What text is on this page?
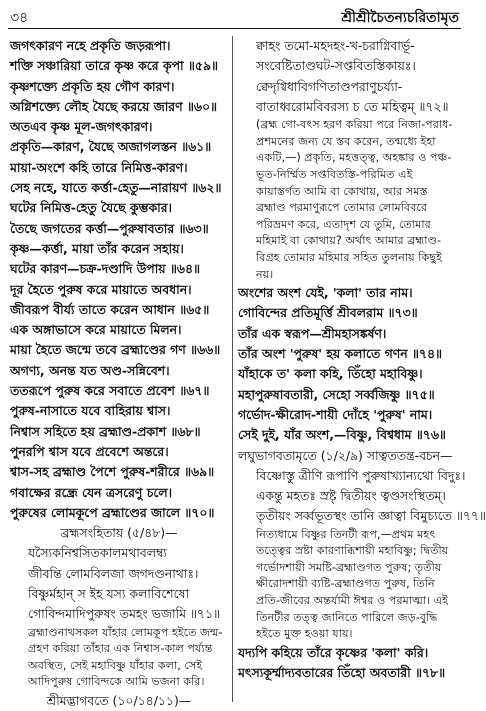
৩৪	শ্রীশ্রীচৈতন্যচরিতামৃত
জগৎকারণ নহে প্রকৃতি জড়রূপা।
শক্তি সঞ্চারিয়া তারে কৃষ্ণ করে কৃপা ॥৫৯॥
কৃষ্ণশক্ত্যে প্রকৃতি হয় গৌণ কারণ।
অগ্নিশক্ত্যে লৌহ যৈছে করয়ে জারণ ॥৬০॥
অতএব কৃষ্ণ মূল-জগৎকারণ।
প্রকৃতি—কারণ, যৈছে অজাগলস্তন ॥৬১॥
মায়া-অংশে কহি তারে নিমিত্ত-কারণ।
সেহ নহে, যাতে কর্ত্তা-হেতু—নারায়ণ ॥৬২॥
ঘটের নিমিত্ত-হেতু যৈছে কুম্ভকার।
তৈছে জগতের কর্ত্তা—পুরুষাবতার ॥৬৩॥
কৃষ্ণ—কর্ত্তা, মায়া তাঁর করেন সহায়।
ঘটের কারণ—চক্র-দণ্ডাদি উপায় ॥৬৪॥
দূর হৈতে পুরুষ করে মায়াতে অবধান।
জীবরূপ বীর্য্য তাতে করেন আধান ॥৬৫॥
এক অঙ্গাভাসে করে মায়াতে মিলন।
মায়া হৈতে জন্মে তবে ব্রহ্মাণ্ডের গণ ॥৬৬॥
অগণ্য, অনন্ত যত অণ্ড-সন্নিবেশ।
ততরূপে পুরুষ করে সবাতে প্রবেশ ॥৬৭॥
পুরুষ-নাসাতে যবে বাহিরায় শ্বাস।
নিশ্বাস সহিতে হয় ব্রহ্মাণ্ড-প্রকাশ ॥৬৮॥
পুনরপি শ্বাস যবে প্রবেশে অন্তরে।
শ্বাস-সহ ব্রহ্মাণ্ড পৈশে পুরুষ-শরীরে ॥৬৯॥
গবাক্ষের রন্ধ্রে যেন ত্রসরেণু চলে।
পুরুষের লোমকূপে ব্রহ্মাণ্ডের জালে ॥৭০॥
ব্রহ্মসংহিতায় (৫/৪৮)—
যস্যৈকনিশ্বসিতকালমথাবলম্ব্য
জীবন্তি লোমবিলজা জগদণ্ডনাথাঃ।
বিষ্ণুর্মহান্ স ইহ যস্য কলাবিশেষো
গোবিন্দমাদিপুরুষং তমহং ভজামি ॥৭১॥
ব্রহ্মাণ্ডনাথসকল যাঁহার লোমকূপ হইতে জন্ম-গ্রহণ করিয়া তাঁহার এক নিশ্বাস-কাল পর্য্যন্ত অবস্থিত, সেই মহাবিষ্ণু যাঁহার কলা, সেই আদিপুরুষ গোবিন্দকে আমি ভজনা করি।
শ্রীমদ্ভাগবতে (১০/১৪/১১)—
ক্বাহং তমো-মহদহং-খ-চরাগ্নিবার্ভূ-
সংবেষ্টিতাণ্ডঘট-সপ্তবিতস্তিকায়ঃ।
ক্বেদৃগ্বিধাবিগণিতাণ্ডপরাণুচর্য্যা-
বাতাধ্বরোমবিবরস্য চ তে মহিত্বম্ ॥৭২॥
(ব্রহ্ম গো-বৎস হরণ করিয়া পরে নিজা-পরাধ-প্রশমনের জন্য যে স্তব করেন, তন্মধ্যে ইহা একটি,—) প্রকৃতি, মহত্তত্ত্ব, অহঙ্কার ও পঞ্চ-ভূত-নির্ম্মিত সপ্তবিতস্তি-পরিমিত এই কায়াস্তর্গত আমি বা কোথায়, আর সমস্ত ব্রহ্মাণ্ড পরমাণুরূপে তোমার লোমবিবরে পরিভ্রমণ করে, এতাদৃশ যে তুমি, তোমার মহিমাই বা কোথায়? অর্থাৎ আমার ব্রহ্মাণ্ড-বিগ্রহ তোমার মহিমার সহিত তুলনায় কিছুই নয়।
অংশের অংশ যেই, 'কলা' তার নাম।
গোবিন্দের প্রতিমূর্ত্তি শ্রীবলরাম ॥৭৩॥
তাঁর এক স্বরূপ—শ্রীমহাসঙ্কর্ষণ।
তাঁর অংশ 'পুরুষ' হয় কলাতে গণন ॥৭৪॥
যাঁহাকে ত' কলা কহি, তিঁহো মহাবিষ্ণু।
মহাপুরুষাবতারী, সেহো সর্ব্বজিষ্ণু ॥৭৫॥
গর্ভোদ-ক্ষীরোদ-শায়ী দোঁহে 'পুরুষ' নাম।
সেই দুই, যাঁর অংশ,—বিষ্ণু, বিশ্বধাম ॥৭৬॥
লঘুভাগবতামৃতে (১/২/৯) সাত্বততন্ত্র-বচন—
বিষ্ণোস্তু ত্রীণি রূপাণি পুরুষাখ্যান্যথো বিদুঃ।
একন্তু মহতঃ স্রষ্টৃ দ্বিতীয়ং ত্বণ্ডসংস্থিতম্।
তৃতীয়ং সর্ব্বভূতস্থং তানি জ্ঞাত্বা বিমুচ্যতে ॥৭৭॥
নিত্যধামে বিষ্ণুর তিনটী রূপ,—প্রথম মহৎ তত্ত্বের স্রষ্টা কারণাব্ধিশায়ী মহাবিষ্ণু; দ্বিতীয় গর্ভোদশায়ী সমষ্টি-ব্রহ্মাণ্ডগত পুরুষ; তৃতীয় ক্ষীরোদশায়ী ব্যষ্টি-ব্রহ্মাণ্ডগত পুরুষ, তিনি প্রতি-জীবের অন্তর্যামী ঈশ্বর ও পরমাত্মা। এই তিনটীর তত্ত্ব জানিতে পারিলে জড়-বুদ্ধি হইতে মুক্ত হওয়া যায়।
যদ্যপি কহিয়ে তাঁরে কৃষ্ণের 'কলা' করি।
মৎস্যকূর্ম্মাদ্যবতারের তিঁহো অবতারী ॥৭৮॥
